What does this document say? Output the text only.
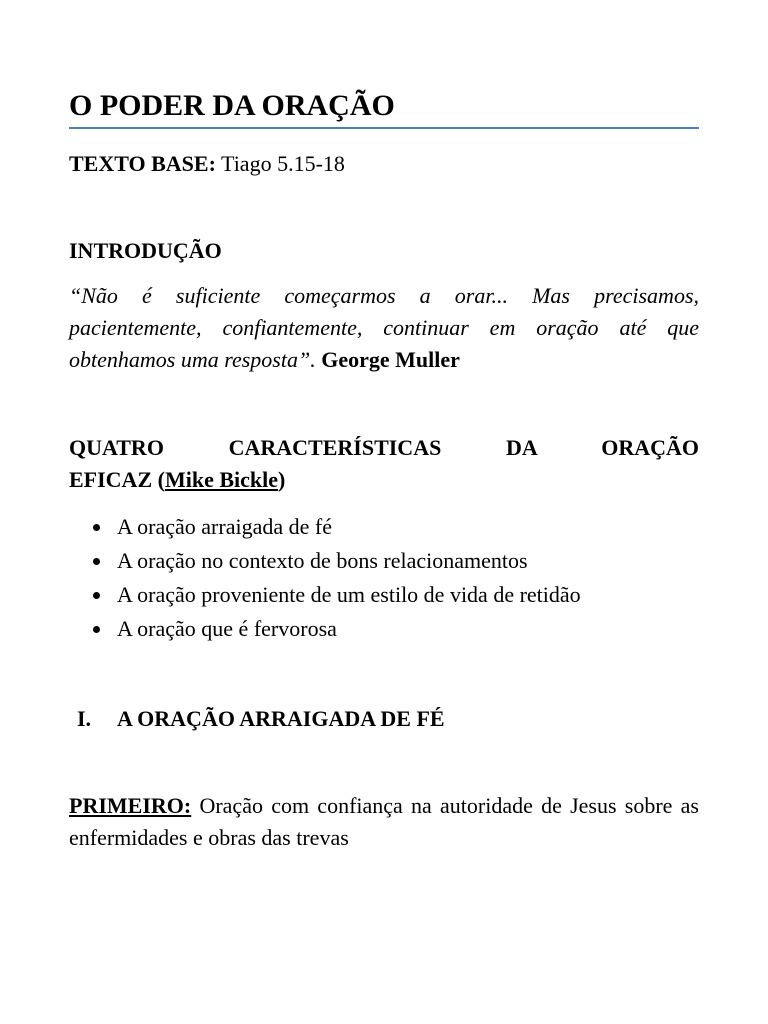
O PODER DA ORAÇÃO

TEXTO BASE: Tiago 5.15-18

INTRODUÇÃO

“Não é suficiente começarmos a orar... Mas precisamos, pacientemente, confiantemente, continuar em oração até que obtenhamos uma resposta”. George Muller

QUATRO CARACTERÍSTICAS DA ORAÇÃO

EFICAZ (Mike Bickle)

A oração arraigada de fé
A oração no contexto de bons relacionamentos
A oração proveniente de um estilo de vida de retidão
A oração que é fervorosa
I. A ORAÇÃO ARRAIGADA DE FÉ

PRIMEIRO: Oração com confiança na autoridade de Jesus sobre as enfermidades e obras das trevas
